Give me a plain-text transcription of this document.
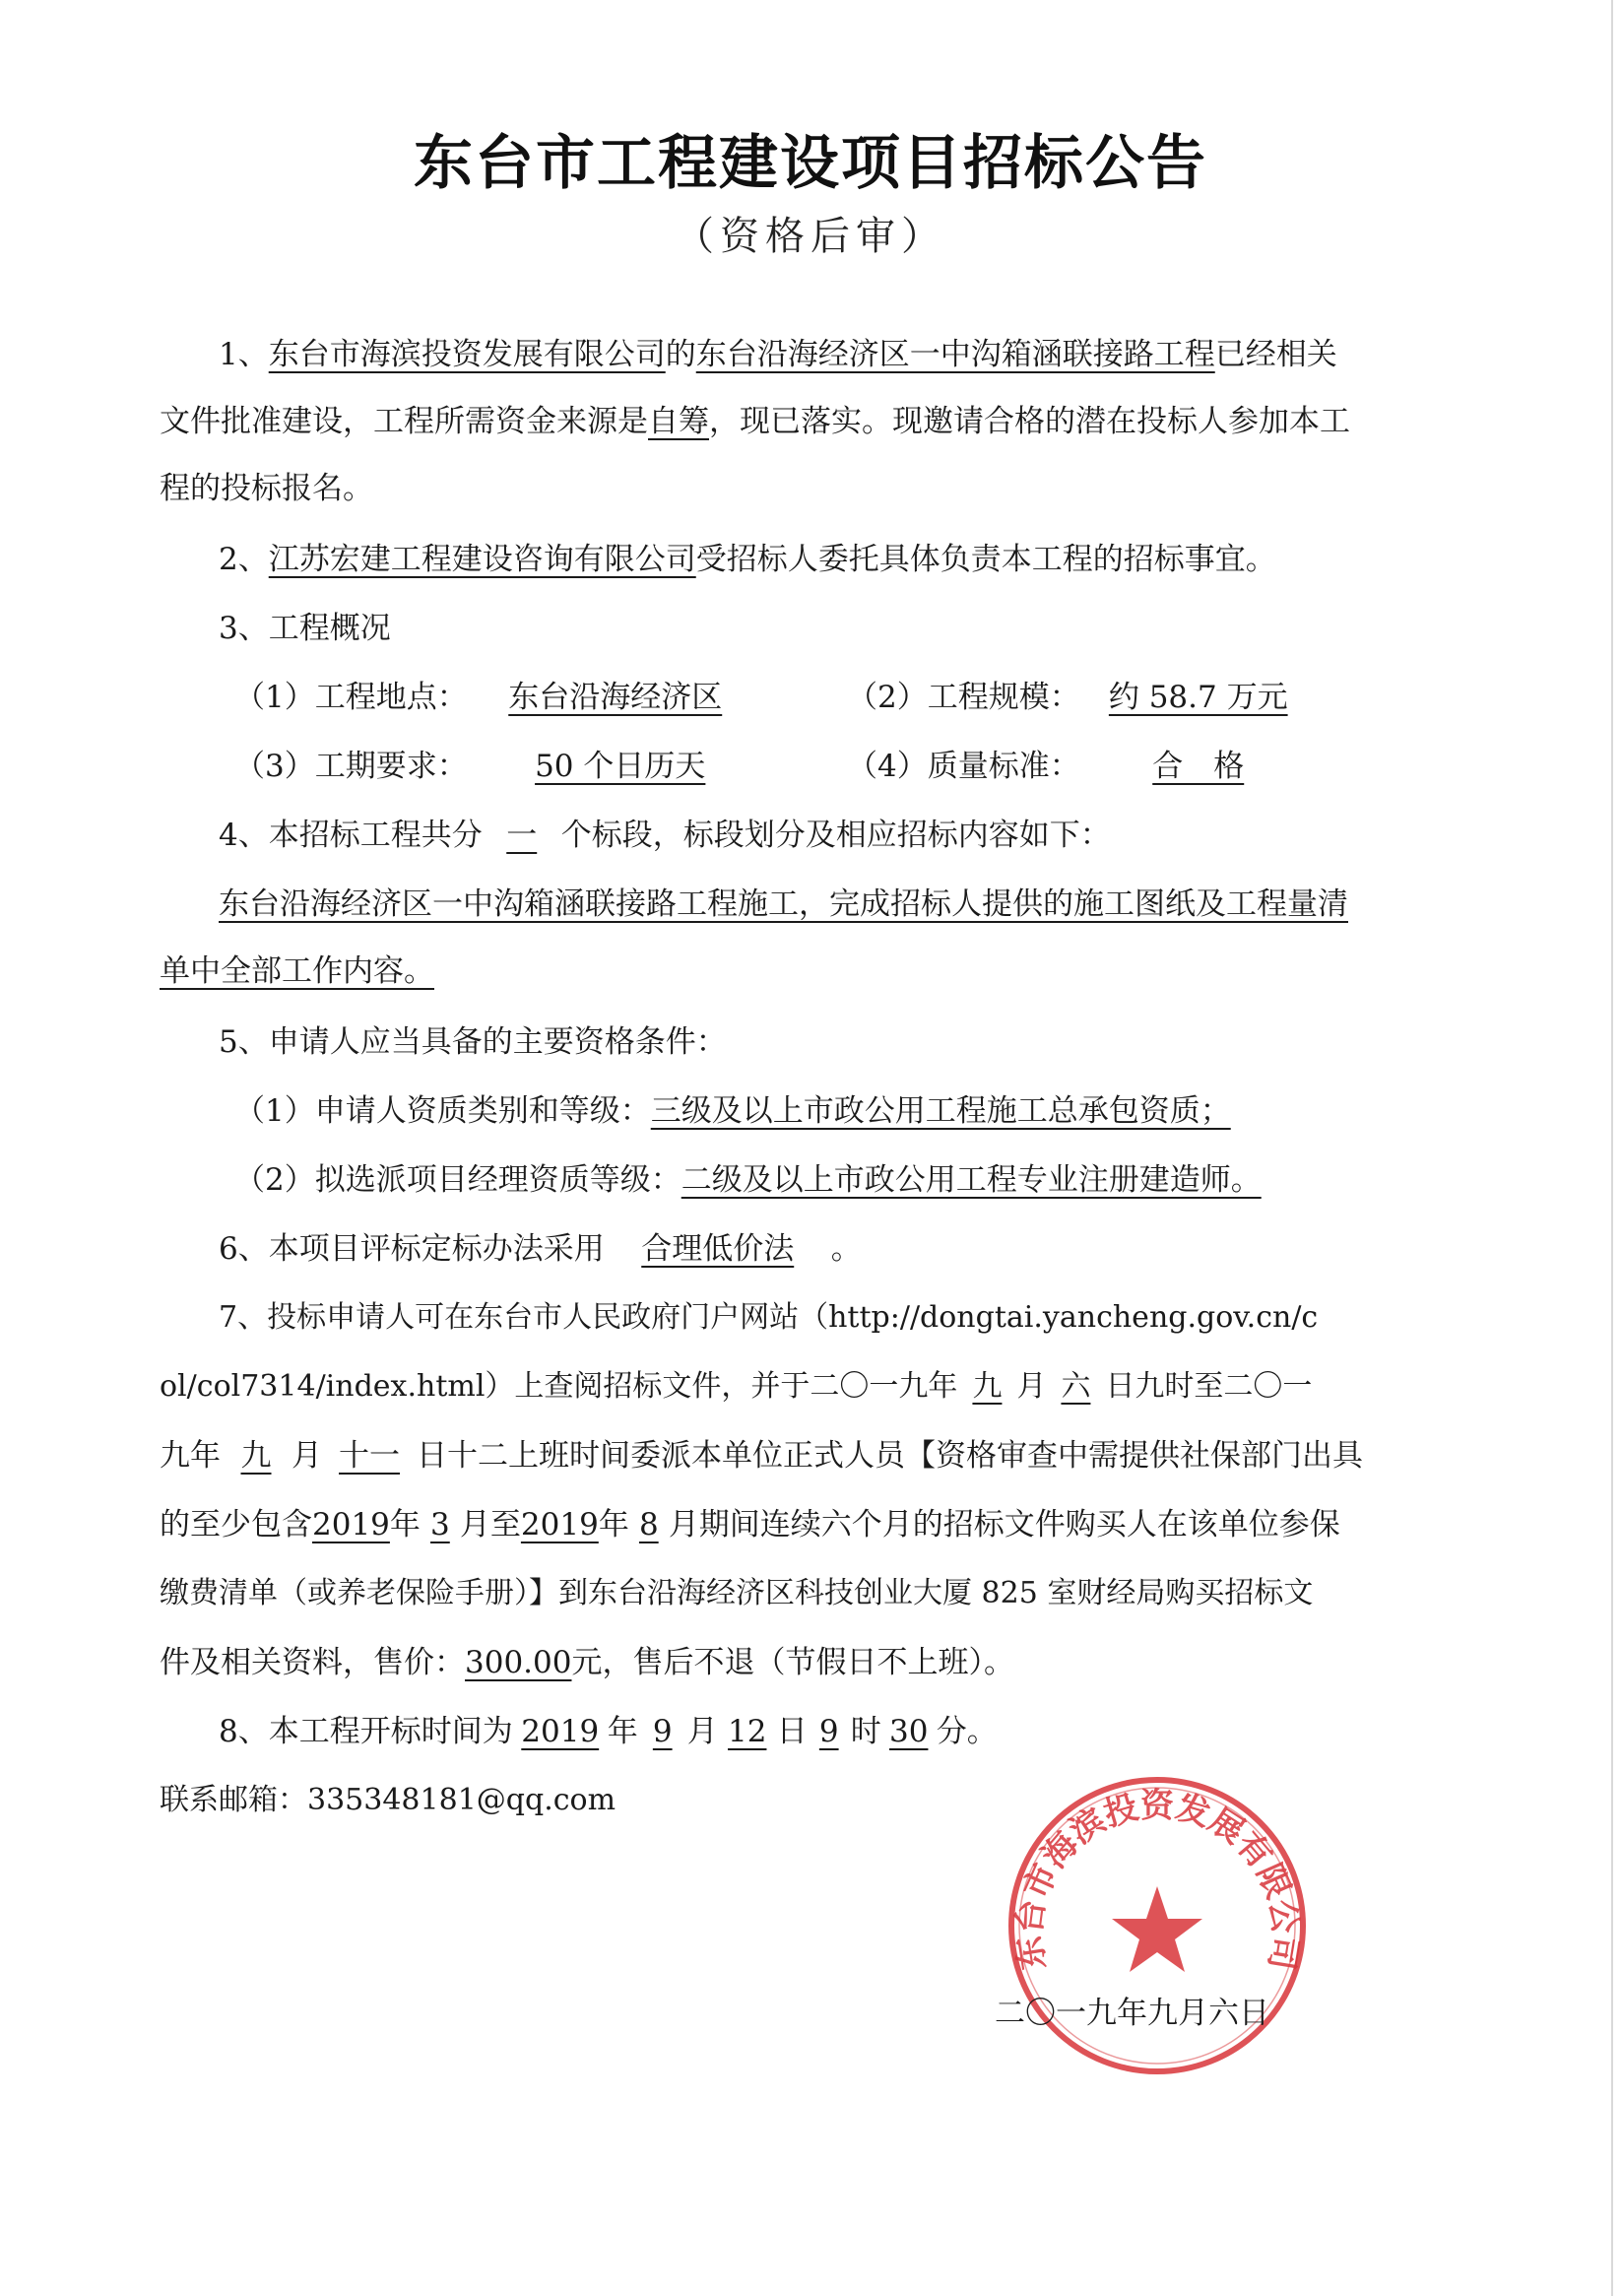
东台市工程建设项目招标公告
（资格后审）
1、东台市海滨投资发展有限公司的东台沿海经济区一中沟箱涵联接路工程已经相关
文件批准建设，工程所需资金来源是自筹，现已落实。现邀请合格的潜在投标人参加本工
程的投标报名。
2、江苏宏建工程建设咨询有限公司受招标人委托具体负责本工程的招标事宜。
3、工程概况
（1）工程地点： 东台沿海经济区	（2）工程规模： 约 58.7 万元
（3）工期要求： 50 个日历天	（4）质量标准： 合　格
4、本招标工程共分 一 个标段，标段划分及相应招标内容如下：
东台沿海经济区一中沟箱涵联接路工程施工，完成招标人提供的施工图纸及工程量清
单中全部工作内容。
5、申请人应当具备的主要资格条件：
（1）申请人资质类别和等级：三级及以上市政公用工程施工总承包资质；
（2）拟选派项目经理资质等级：二级及以上市政公用工程专业注册建造师。
6、本项目评标定标办法采用 合理低价法 。
7、投标申请人可在东台市人民政府门户网站（http://dongtai.yancheng.gov.cn/c
ol/col7314/index.html）上查阅招标文件，并于二〇一九年 九 月 六 日九时至二〇一
九年 九 月 十一 日十二上班时间委派本单位正式人员【资格审查中需提供社保部门出具
的至少包含2019年 3 月至2019年 8 月期间连续六个月的招标文件购买人在该单位参保
缴费清单（或养老保险手册）】到东台沿海经济区科技创业大厦 825 室财经局购买招标文
件及相关资料，售价：300.00元，售后不退（节假日不上班）。
8、本工程开标时间为 2019 年 9 月 12 日 9 时 30 分。
联系邮箱：335348181@qq.com
东台市海滨投资发展有限公司
二〇一九年九月六日
